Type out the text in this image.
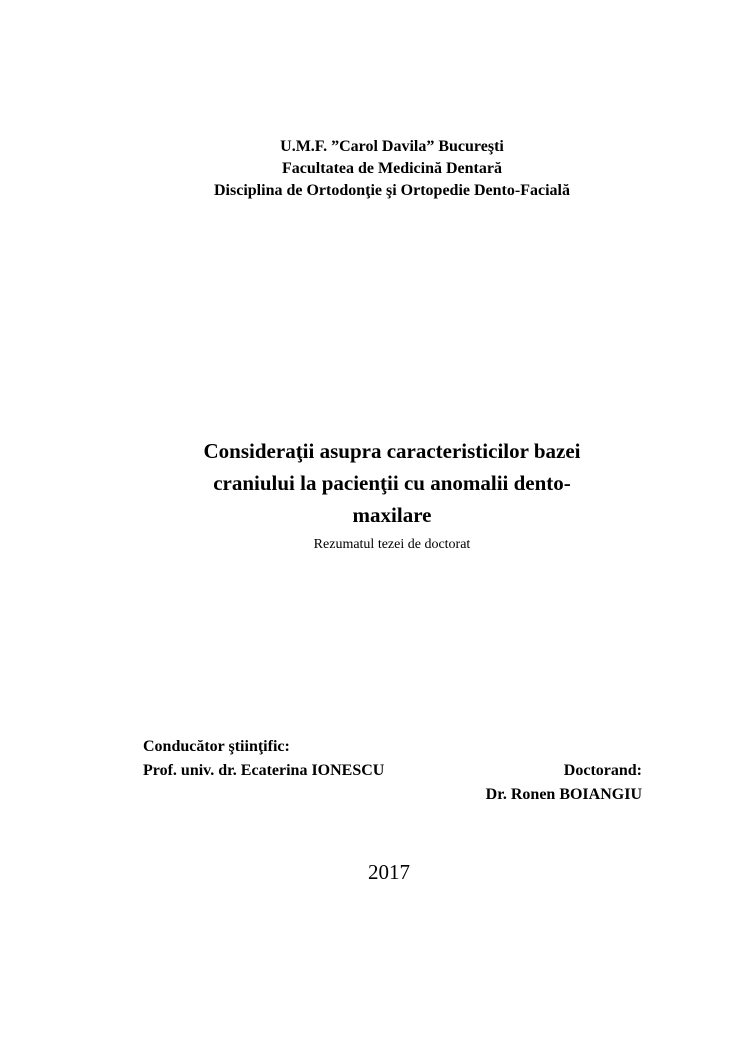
U.M.F. ”Carol Davila” Bucureşti
Facultatea de Medicină Dentară
Disciplina de Ortodonţie şi Ortopedie Dento-Facială
Consideraţii asupra caracteristicilor bazei
craniului la pacienţii cu anomalii dento-
maxilare
Rezumatul tezei de doctorat
Conducător ştiinţific:
Prof. univ. dr. Ecaterina IONESCU	Doctorand:
Dr. Ronen BOIANGIU
2017
